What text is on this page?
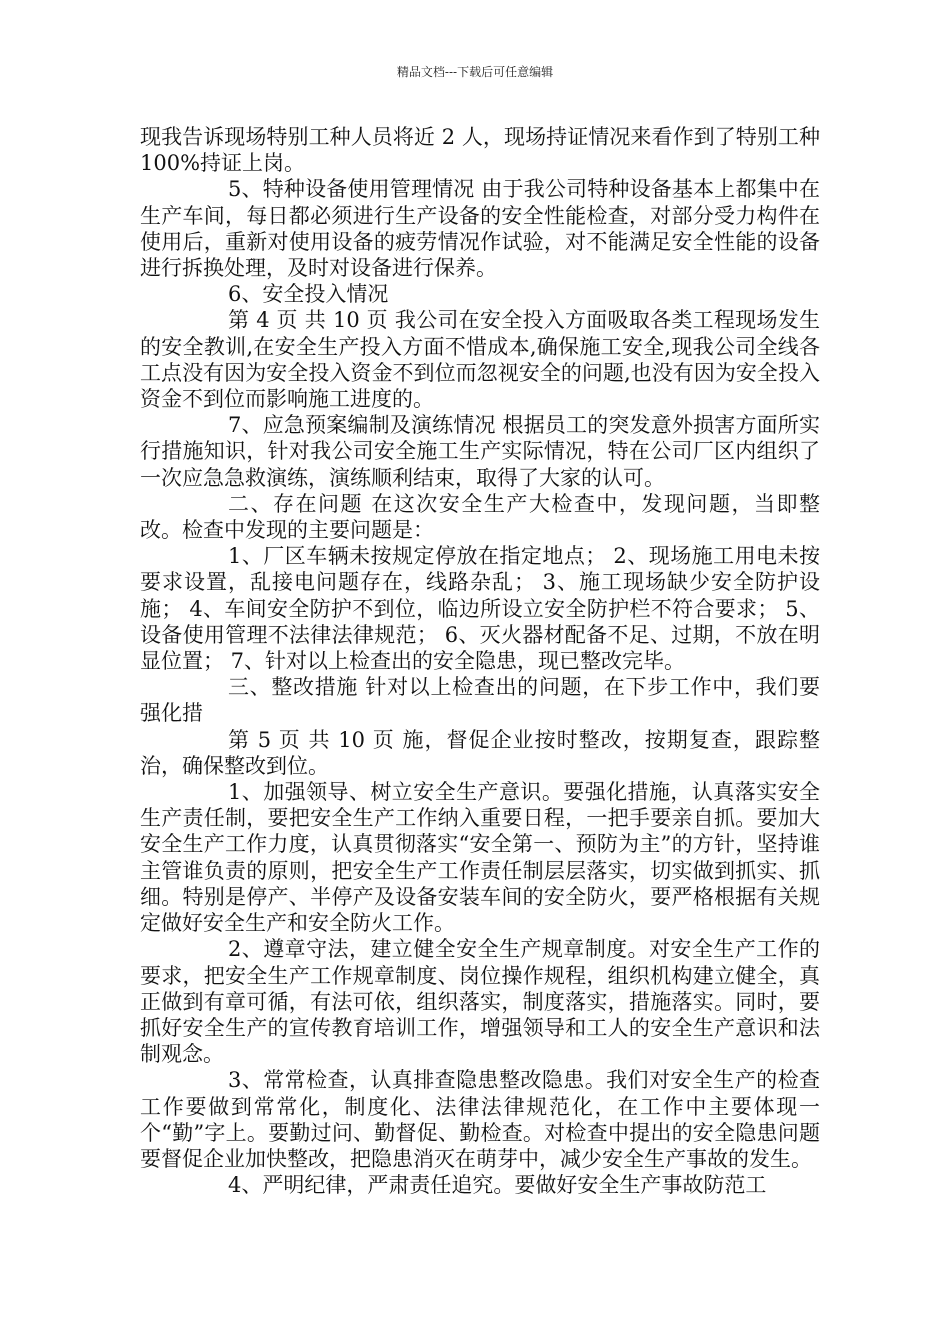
精品文档---下载后可任意编辑

现我告诉现场特别工种人员将近 2 人，现场持证情况来看作到了特别工种 100%持证上岗。

5、特种设备使用管理情况 由于我公司特种设备基本上都集中在生产车间，每日都必须进行生产设备的安全性能检查，对部分受力构件在使用后，重新对使用设备的疲劳情况作试验，对不能满足安全性能的设备进行拆换处理，及时对设备进行保养。

6、安全投入情况

第 4 页 共 10 页 我公司在安全投入方面吸取各类工程现场发生的安全教训,在安全生产投入方面不惜成本,确保施工安全,现我公司全线各工点没有因为安全投入资金不到位而忽视安全的问题,也没有因为安全投入资金不到位而影响施工进度的。

7、应急预案编制及演练情况 根据员工的突发意外损害方面所实行措施知识，针对我公司安全施工生产实际情况，特在公司厂区内组织了一次应急急救演练，演练顺利结束，取得了大家的认可。

二、存在问题 在这次安全生产大检查中，发现问题，当即整改。检查中发现的主要问题是：

1、厂区车辆未按规定停放在指定地点； 2、现场施工用电未按要求设置，乱接电问题存在，线路杂乱； 3、施工现场缺少安全防护设施； 4、车间安全防护不到位，临边所设立安全防护栏不符合要求； 5、设备使用管理不法律法律规范； 6、灭火器材配备不足、过期，不放在明显位置； 7、针对以上检查出的安全隐患，现已整改完毕。

三、整改措施 针对以上检查出的问题，在下步工作中，我们要强化措

第 5 页 共 10 页 施，督促企业按时整改，按期复查，跟踪整治，确保整改到位。

1、加强领导、树立安全生产意识。要强化措施，认真落实安全生产责任制，要把安全生产工作纳入重要日程，一把手要亲自抓。要加大安全生产工作力度，认真贯彻落实“安全第一、预防为主”的方针，坚持谁主管谁负责的原则，把安全生产工作责任制层层落实，切实做到抓实、抓细。特别是停产、半停产及设备安装车间的安全防火，要严格根据有关规定做好安全生产和安全防火工作。

2、遵章守法，建立健全安全生产规章制度。对安全生产工作的要求，把安全生产工作规章制度、岗位操作规程，组织机构建立健全，真正做到有章可循，有法可依，组织落实，制度落实，措施落实。同时，要抓好安全生产的宣传教育培训工作，增强领导和工人的安全生产意识和法制观念。

3、常常检查，认真排查隐患整改隐患。我们对安全生产的检查工作要做到常常化，制度化、法律法律规范化，在工作中主要体现一个“勤”字上。要勤过问、勤督促、勤检查。对检查中提出的安全隐患问题要督促企业加快整改，把隐患消灭在萌芽中，减少安全生产事故的发生。

4、严明纪律，严肃责任追究。要做好安全生产事故防范工
